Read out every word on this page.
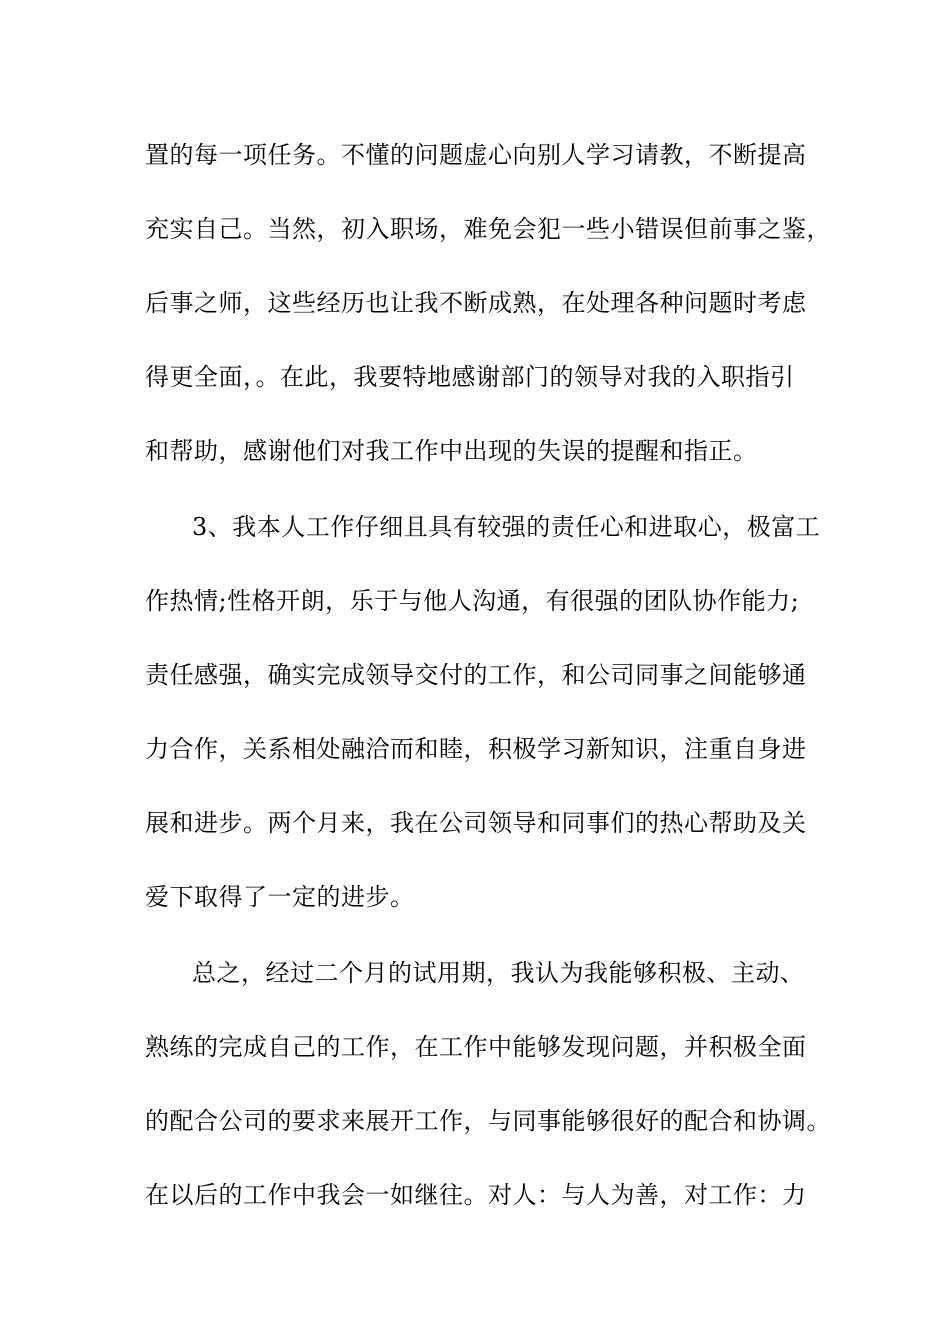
置的每一项任务。不懂的问题虚心向别人学习请教，不断提高
充实自己。当然，初入职场，难免会犯一些小错误但前事之鉴，
后事之师，这些经历也让我不断成熟，在处理各种问题时考虑
得更全面，。在此，我要特地感谢部门的领导对我的入职指引
和帮助，感谢他们对我工作中出现的失误的提醒和指正。
3、我本人工作仔细且具有较强的责任心和进取心，极富工
作热情;性格开朗，乐于与他人沟通，有很强的团队协作能力;
责任感强，确实完成领导交付的工作，和公司同事之间能够通
力合作，关系相处融洽而和睦，积极学习新知识，注重自身进
展和进步。两个月来，我在公司领导和同事们的热心帮助及关
爱下取得了一定的进步。
总之，经过二个月的试用期，我认为我能够积极、主动、
熟练的完成自己的工作，在工作中能够发现问题，并积极全面
的配合公司的要求来展开工作，与同事能够很好的配合和协调。
在以后的工作中我会一如继往。对人：与人为善，对工作：力
